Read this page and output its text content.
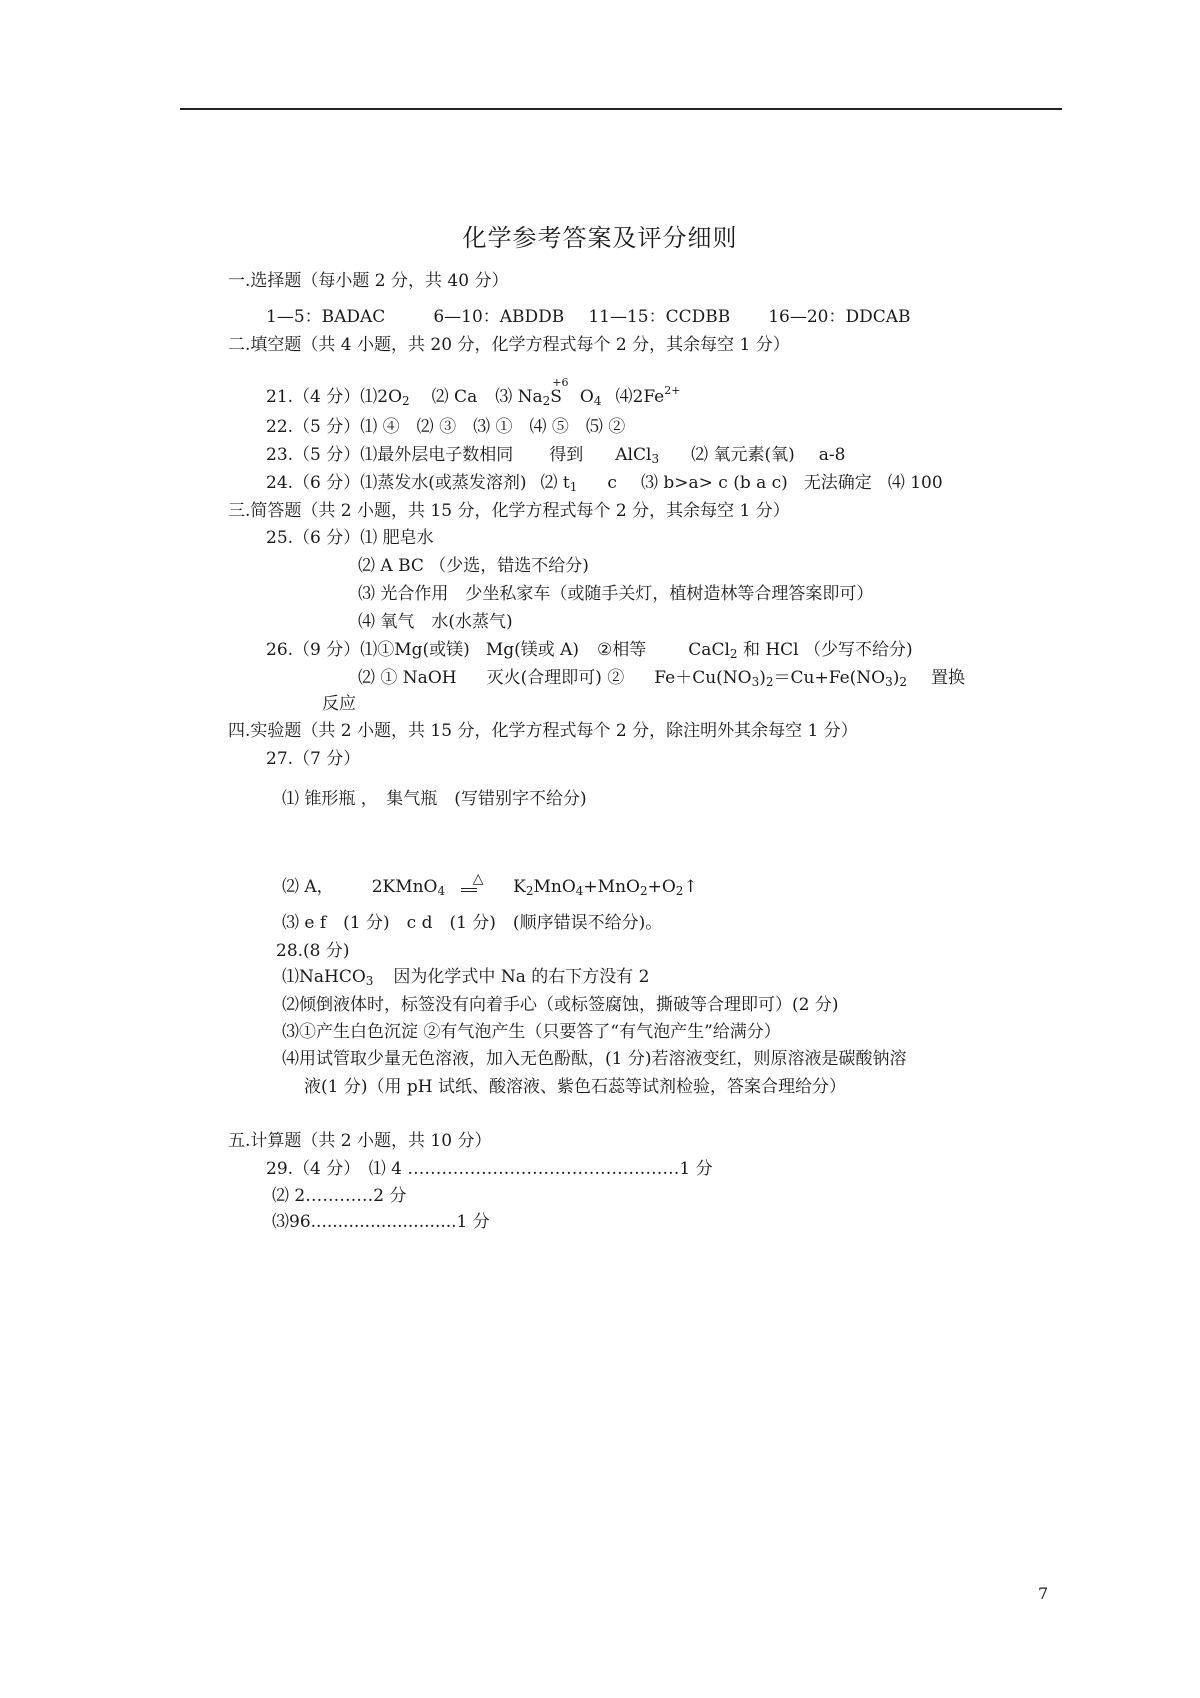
化学参考答案及评分细则
一.选择题（每小题 2 分，共 40 分）
1—5：BADAC	6—10：ABDDB 11—15：CCDBB 16—20：DDCAB
二.填空题（共 4 小题，共 20 分，化学方程式每个 2 分，其余每空 1 分）
21.（4 分）$⑴2O_2$ ⑵ Ca ⑶ $Na_2$
+6
S $O_4$ $⑷2Fe^{2+}$
22.（5 分）⑴ ④　⑵ ③　⑶ ①　⑷ ⑤　⑸ ②
23.（5 分）⑴最外层电子数相同 得到 AlCl$_3$ ⑵ 氧元素(氧) a-8
24.（6 分）⑴蒸发水(或蒸发溶剂) ⑵ $t_1$ c ⑶ b>a> c (b a c) 无法确定 ⑷ 100
三.简答题（共 2 小题，共 15 分，化学方程式每个 2 分，其余每空 1 分）
25.（6 分）⑴ 肥皂水
⑵ A BC （少选，错选不给分)
⑶ 光合作用　少坐私家车（或随手关灯，植树造林等合理答案即可）
⑷ 氧气　水(水蒸气)
26.（9 分）⑴①Mg(或镁) Mg(镁或 A) ②相等 CaCl$_2$ 和 HCl （少写不给分)
⑵ ① NaOH 灭火(合理即可) ② $Fe+Cu(NO_3)_2=Cu+Fe(NO_3)_2$ 置换
反应
四.实验题（共 2 小题，共 15 分，化学方程式每个 2 分，除注明外其余每空 1 分）
27.（7 分）
⑴ 锥形瓶 ，　集气瓶　(写错别字不给分)
⑵ A， 2KMnO$_4$
△	$K_2MnO_4+MnO_2+O_2↑$
⑶ e f　(1 分)　c d　(1 分)　(顺序错误不给分)。
28.(8 分)
⑴NaHCO$_3$ 因为化学式中 Na 的右下方没有 2
⑵倾倒液体时，标签没有向着手心（或标签腐蚀，撕破等合理即可）(2 分)
⑶①产生白色沉淀 ②有气泡产生（只要答了“有气泡产生”给满分）
⑷用试管取少量无色溶液，加入无色酚酞，(1 分)若溶液变红，则原溶液是碳酸钠溶
液(1 分)（用 pH 试纸、酸溶液、紫色石蕊等试剂检验，答案合理给分）
五.计算题（共 2 小题，共 10 分）
29.（4 分）　⑴ 4 …………………………………………1 分
⑵ 2…………2 分
⑶96...........................1 分
7
